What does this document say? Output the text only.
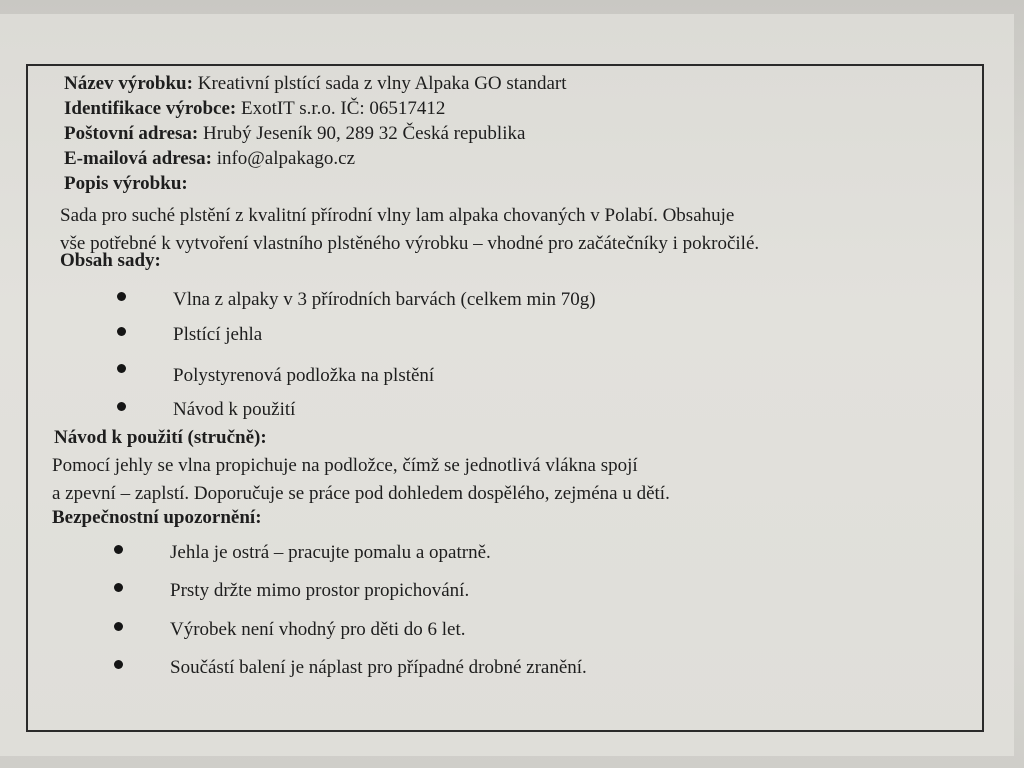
Název výrobku: Kreativní plstící sada z vlny Alpaka GO standart
Identifikace výrobce: ExotIT s.r.o. IČ: 06517412
Poštovní adresa: Hrubý Jeseník 90, 289 32 Česká republika
E-mailová adresa: info@alpakago.cz
Popis výrobku:
Sada pro suché plstění z kvalitní přírodní vlny lam alpaka chovaných v Polabí. Obsahuje
vše potřebné k vytvoření vlastního plstěného výrobku – vhodné pro začátečníky i pokročilé.
Obsah sady:
Vlna z alpaky v 3 přírodních barvách (celkem min 70g)
Plstící jehla
Polystyrenová podložka na plstění
Návod k použití
Návod k použití (stručně):
Pomocí jehly se vlna propichuje na podložce, čímž se jednotlivá vlákna spojí
a zpevní – zaplstí. Doporučuje se práce pod dohledem dospělého, zejména u dětí.
Bezpečnostní upozornění:
Jehla je ostrá – pracujte pomalu a opatrně.
Prsty držte mimo prostor propichování.
Výrobek není vhodný pro děti do 6 let.
Součástí balení je náplast pro případné drobné zranění.
